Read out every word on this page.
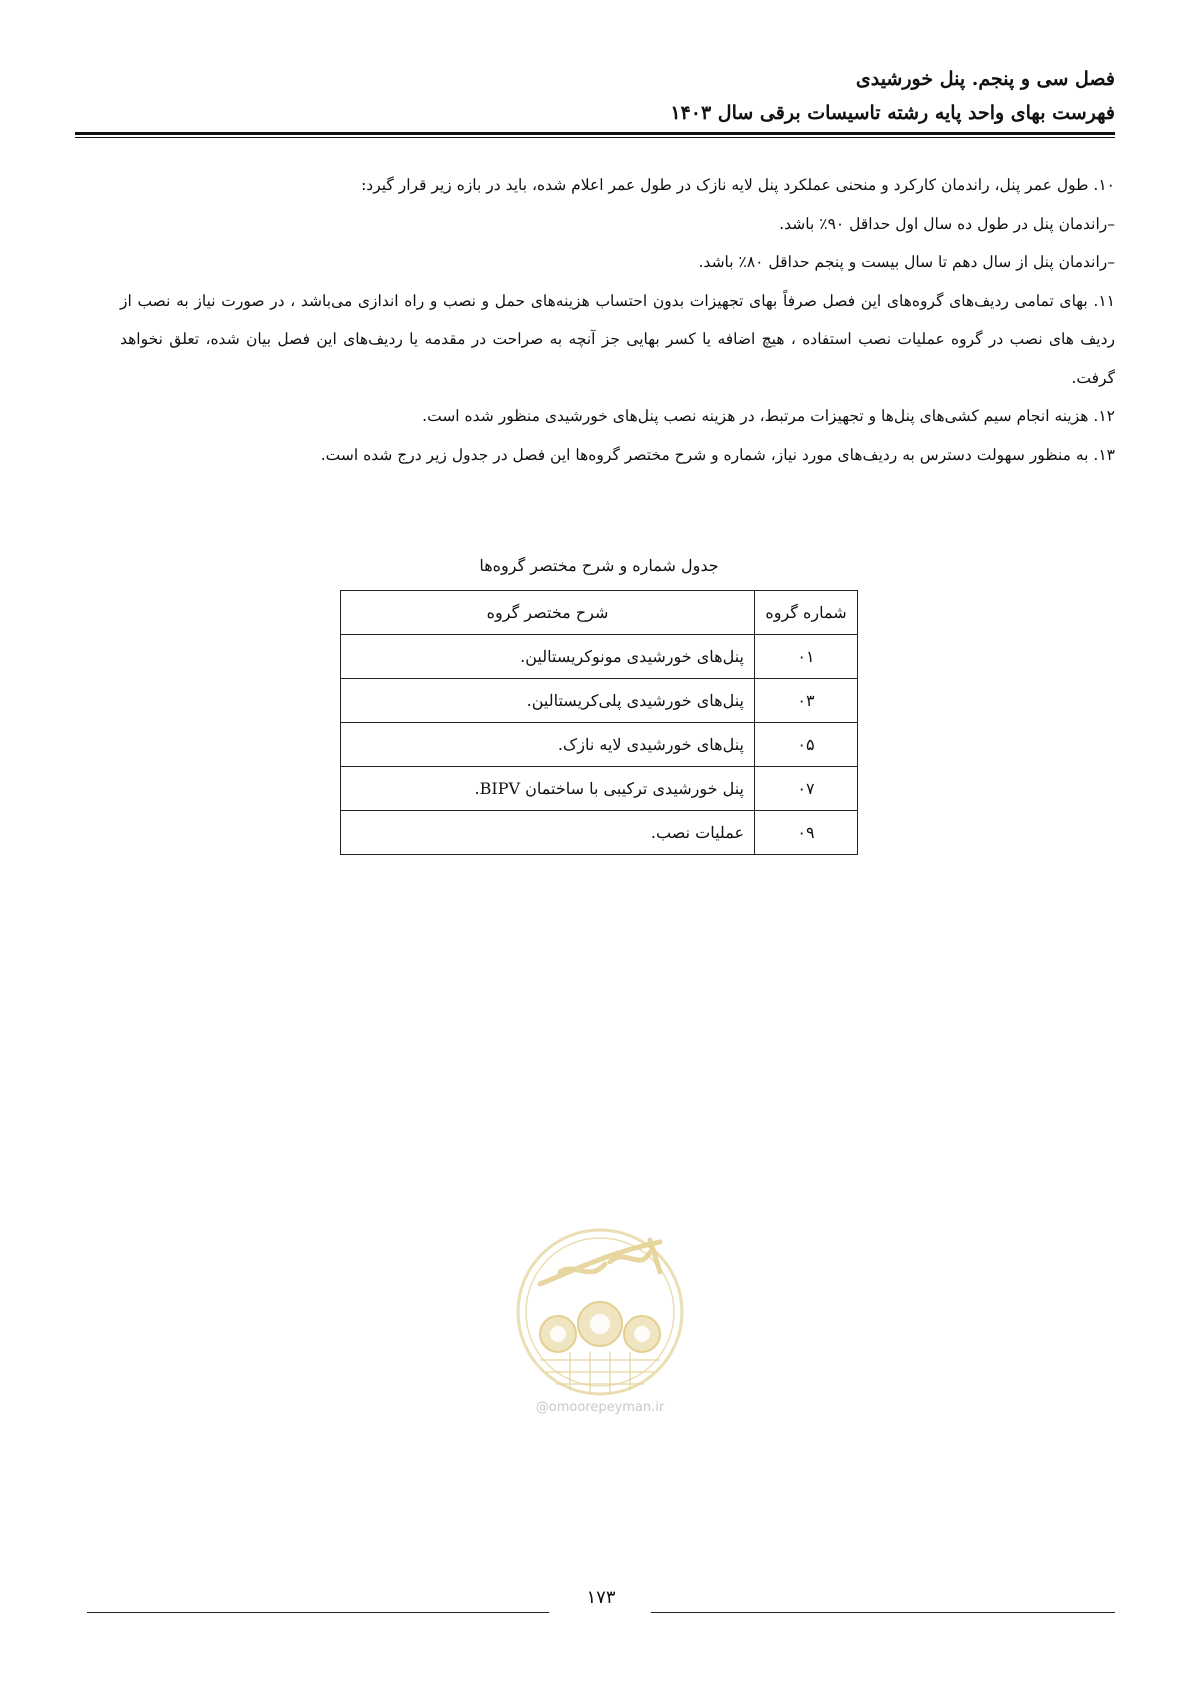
فصل سی و پنجم. پنل خورشیدی
فهرست بهای واحد پایه رشته تاسیسات برقی سال ۱۴۰۳

۱۰. طول عمر پنل، راندمان کارکرد و منحنی عملکرد پنل لایه نازک در طول عمر اعلام شده، باید در بازه زیر قرار گیرد:

–راندمان پنل در طول ده سال اول حداقل ۹۰٪ باشد.

–راندمان پنل از سال دهم تا سال بیست و پنجم حداقل ۸۰٪ باشد.

۱۱. بهای تمامی ردیف‌های گروه‌های این فصل صرفاً بهای تجهیزات بدون احتساب هزینه‌های حمل و نصب و راه اندازی می‌باشد ، در صورت نیاز به نصب از ردیف های نصب در گروه عملیات نصب استفاده ، هیچ اضافه یا کسر بهایی جز آنچه به صراحت در مقدمه یا ردیف‌های این فصل بیان شده، تعلق نخواهد گرفت.

۱۲. هزینه انجام سیم کشی‌های پنل‌ها و تجهیزات مرتبط، در هزینه نصب پنل‌های خورشیدی منظور شده است.

۱۳. به منظور سهولت دسترس به ردیف‌های مورد نیاز، شماره و شرح مختصر گروه‌ها این فصل در جدول زیر درج شده است.

جدول شماره و شرح مختصر گروه‌ها
شماره گروه	شرح مختصر گروه
۰۱	پنل‌های خورشیدی مونوکریستالین.
۰۳	پنل‌های خورشیدی پلی‌کریستالین.
۰۵	پنل‌های خورشیدی لایه نازک.
۰۷	پنل خورشیدی ترکیبی با ساختمان BIPV.
۰۹	عملیات نصب.
@omoorepeyman.ir
۱۷۳
